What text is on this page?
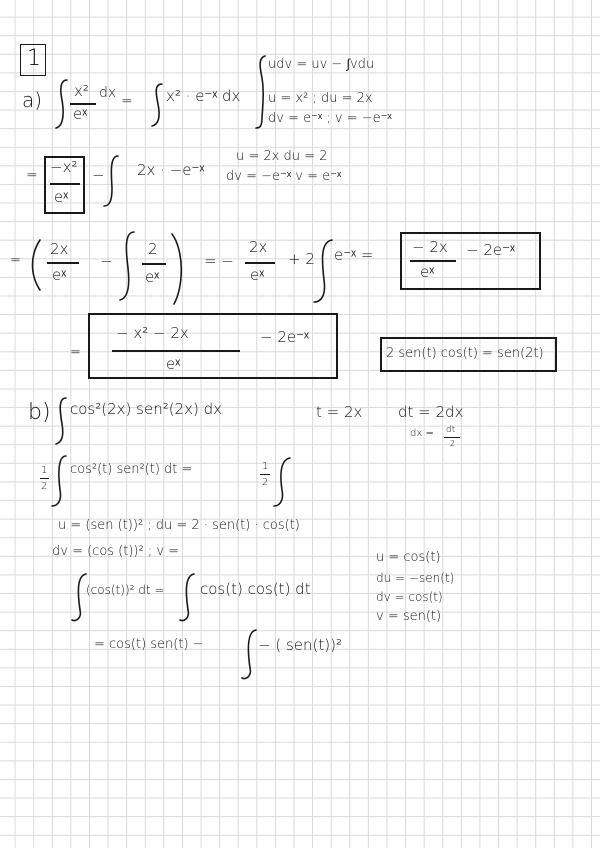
1
a) x²
eˣ
dx = x² · e⁻ˣ dx
udv = uv − ∫vdu
u = x² ; du = 2x
dv = e⁻ˣ ; v = −e⁻ˣ
= −x²
eˣ
− 2x · −e⁻ˣ
u = 2x du = 2
dv = −e⁻ˣ v = e⁻ˣ
=
2x
eˣ
−
2
eˣ
= −
2x
eˣ
+ 2 e⁻ˣ =	− 2x
eˣ
− 2e⁻ˣ
=
− x² − 2x
eˣ
− 2e⁻ˣ
2 sen(t) cos(t) = sen(2t)
b) cos²(2x) sen²(2x) dx	t = 2x dt = 2dx
dx = dt
2
1
2
cos²(t) sen²(t) dt =	1
2
u = (sen (t))² ; du = 2 · sen(t) · cos(t)
dv = (cos (t))² ; v =
(cos(t))² dt = cos(t) cos(t) dt
u = cos(t)
du = −sen(t)
dv = cos(t)
v = sen(t)
= cos(t) sen(t) −	− ( sen(t))²
